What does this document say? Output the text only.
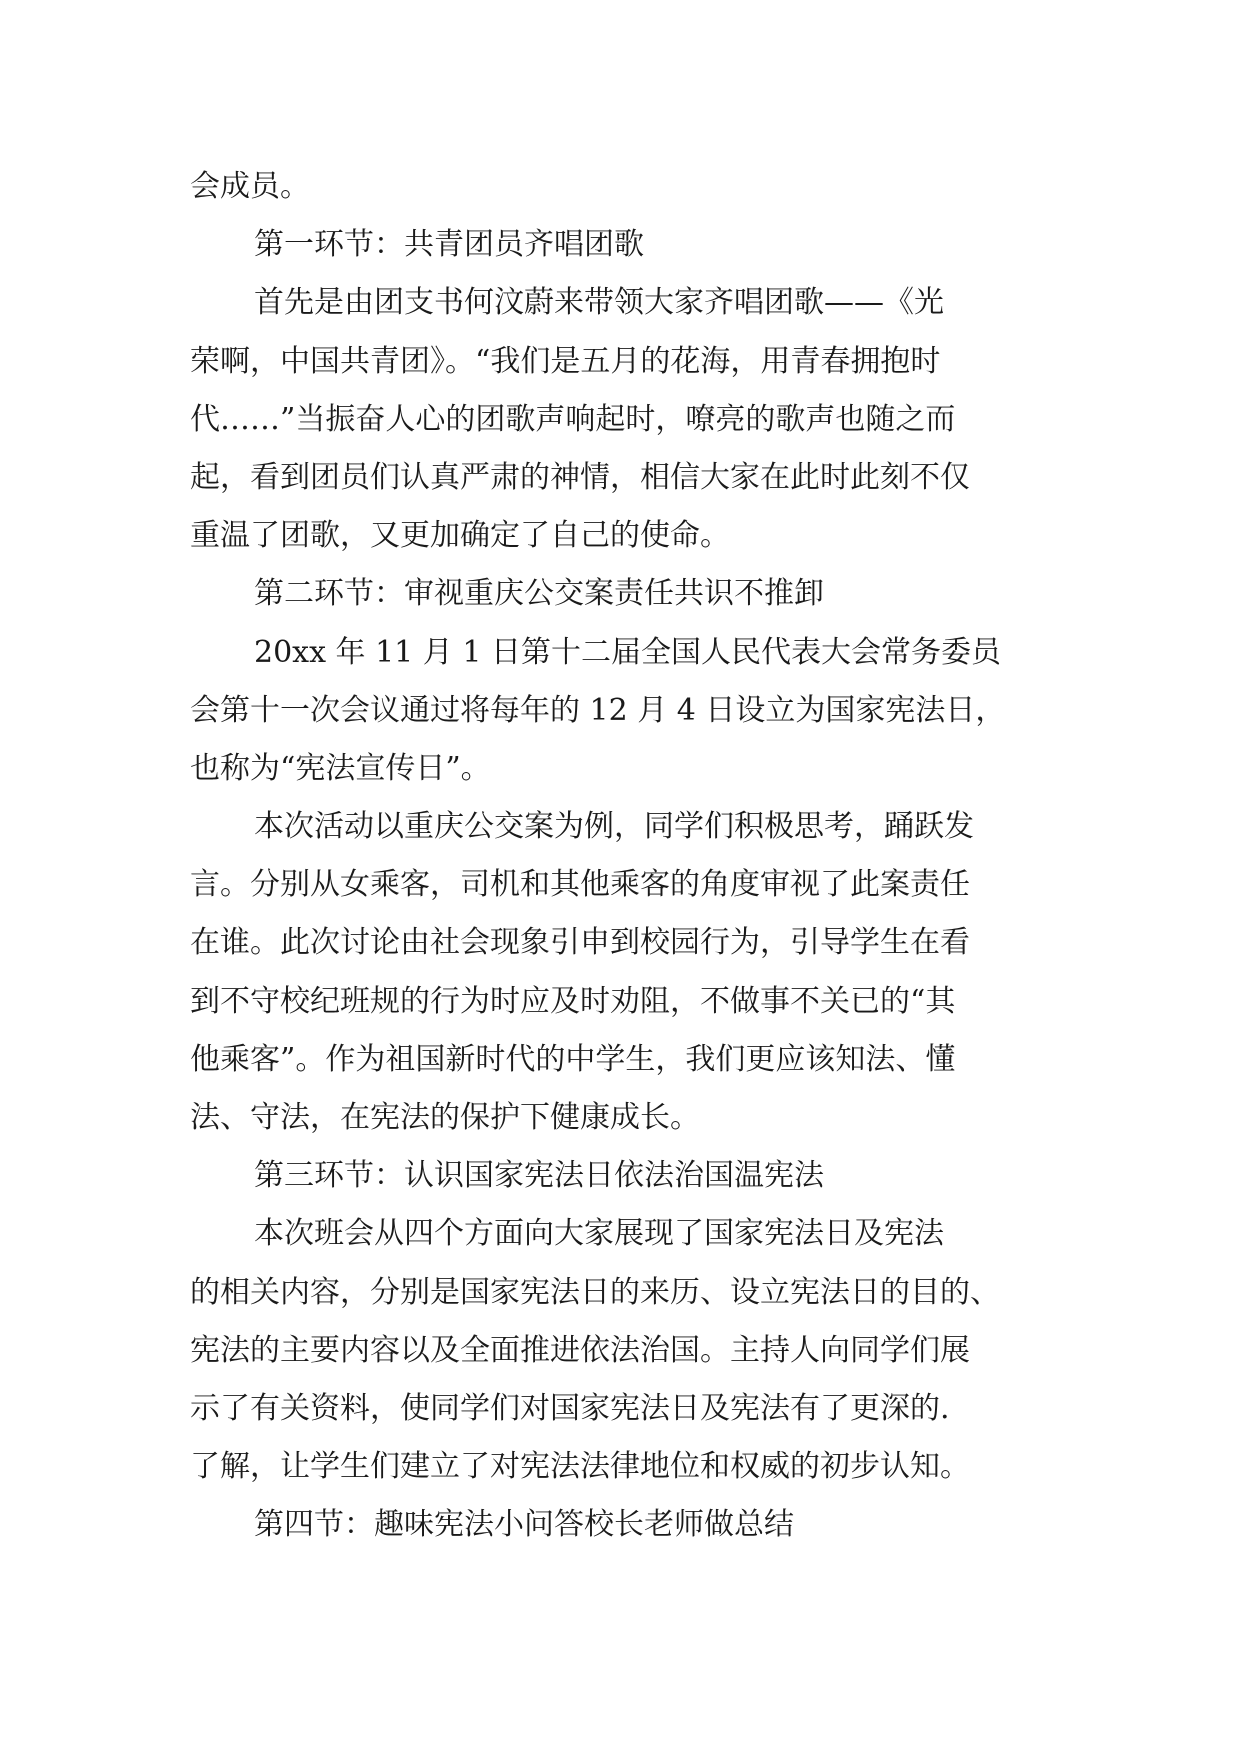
会成员。
第一环节：共青团员齐唱团歌
首先是由团支书何汶蔚来带领大家齐唱团歌——《光
荣啊，中国共青团》。“我们是五月的花海，用青春拥抱时
代……”当振奋人心的团歌声响起时，嘹亮的歌声也随之而
起，看到团员们认真严肃的神情，相信大家在此时此刻不仅
重温了团歌，又更加确定了自己的使命。
第二环节：审视重庆公交案责任共识不推卸
20xx 年 11 月 1 日第十二届全国人民代表大会常务委员
会第十一次会议通过将每年的 12 月 4 日设立为国家宪法日，
也称为“宪法宣传日”。
本次活动以重庆公交案为例，同学们积极思考，踊跃发
言。分别从女乘客，司机和其他乘客的角度审视了此案责任
在谁。此次讨论由社会现象引申到校园行为，引导学生在看
到不守校纪班规的行为时应及时劝阻，不做事不关已的“其
他乘客”。作为祖国新时代的中学生，我们更应该知法、懂
法、守法，在宪法的保护下健康成长。
第三环节：认识国家宪法日依法治国温宪法
本次班会从四个方面向大家展现了国家宪法日及宪法
的相关内容，分别是国家宪法日的来历、设立宪法日的目的、
宪法的主要内容以及全面推进依法治国。主持人向同学们展
示了有关资料，使同学们对国家宪法日及宪法有了更深的.
了解，让学生们建立了对宪法法律地位和权威的初步认知。
第四节：趣味宪法小问答校长老师做总结
